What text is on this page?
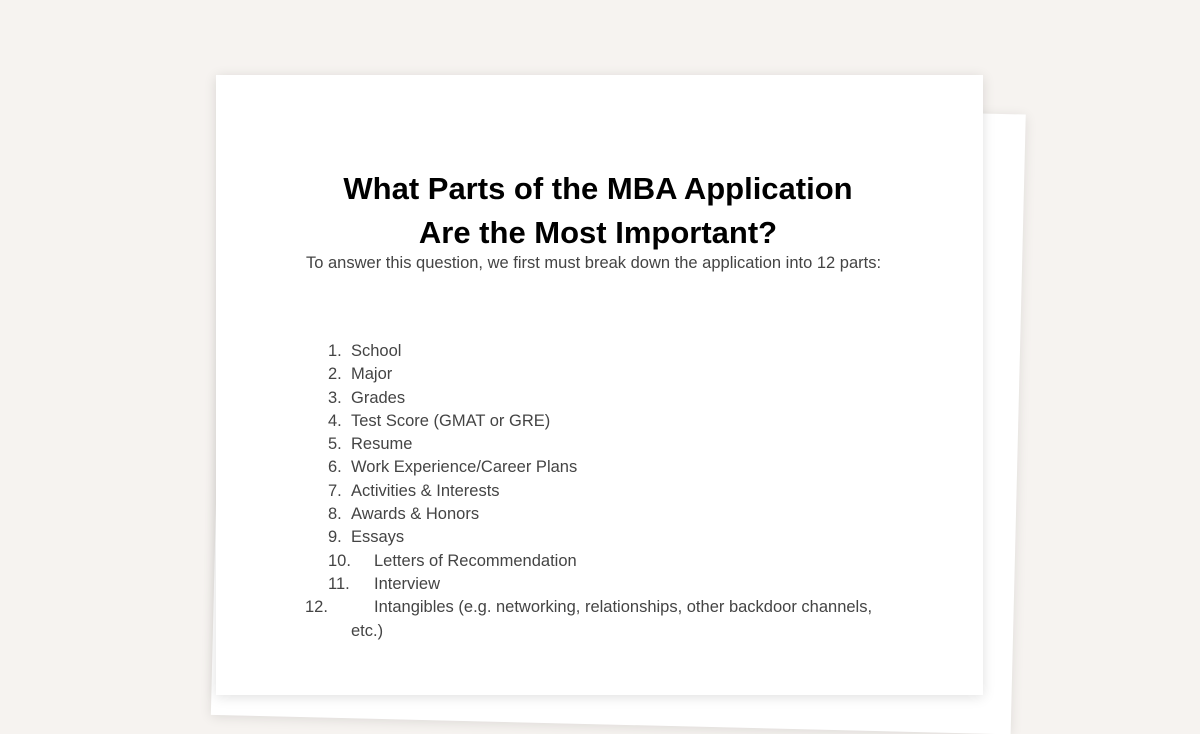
What Parts of the MBA Application
Are the Most Important?

To answer this question, we first must break down the application into 12 parts:

1. School
2. Major
3. Grades
4. Test Score (GMAT or GRE)
5. Resume
6. Work Experience/Career Plans
7. Activities & Interests
8. Awards & Honors
9. Essays
10. Letters of Recommendation
11. Interview
12.	Intangibles (e.g. networking, relationships, other backdoor channels, etc.)
